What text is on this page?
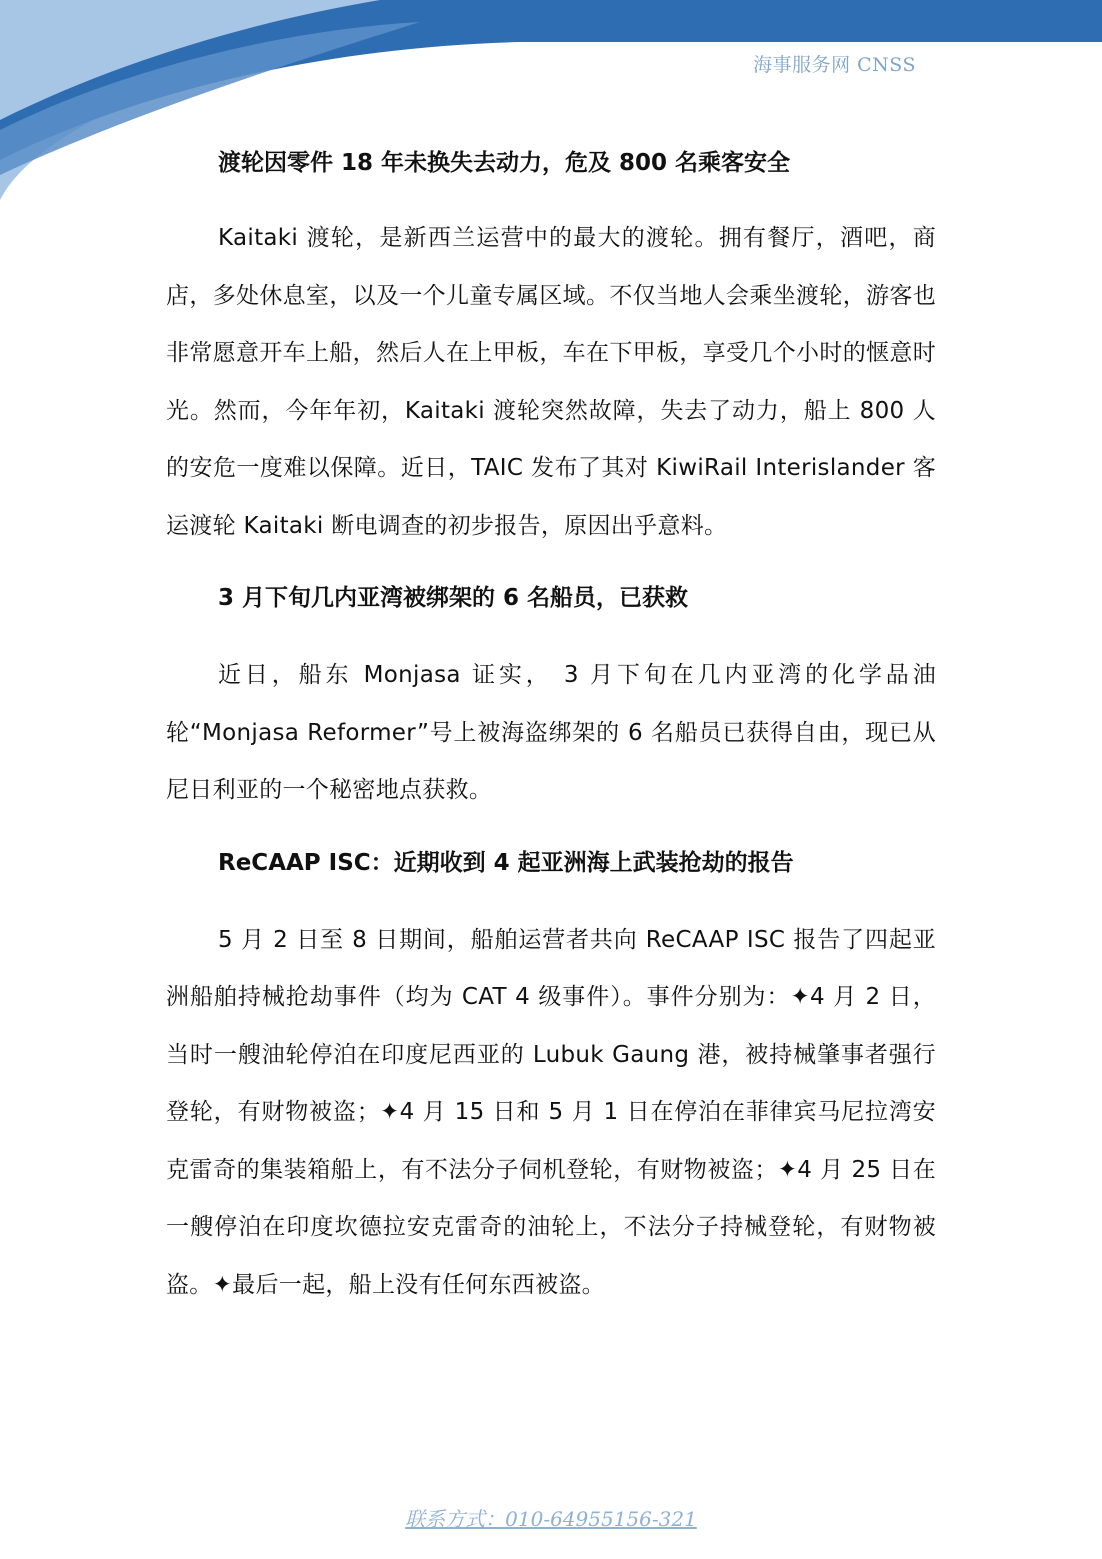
海事服务网 CNSS
渡轮因零件 18 年未换失去动力，危及 800 名乘客安全

Kaitaki 渡轮，是新西兰运营中的最大的渡轮。拥有餐厅，酒吧，商店，多处休息室，以及一个儿童专属区域。不仅当地人会乘坐渡轮，游客也非常愿意开车上船，然后人在上甲板，车在下甲板，享受几个小时的惬意时光。然而，今年年初，Kaitaki 渡轮突然故障，失去了动力，船上 800 人的安危一度难以保障。近日，TAIC 发布了其对 KiwiRail Interislander 客运渡轮 Kaitaki 断电调查的初步报告，原因出乎意料。

3 月下旬几内亚湾被绑架的 6 名船员，已获救

近日，船东 Monjasa 证实， 3 月下旬在几内亚湾的化学品油轮“Monjasa Reformer”号上被海盗绑架的 6 名船员已获得自由，现已从尼日利亚的一个秘密地点获救。

ReCAAP ISC：近期收到 4 起亚洲海上武装抢劫的报告

5 月 2 日至 8 日期间，船舶运营者共向 ReCAAP ISC 报告了四起亚洲船舶持械抢劫事件（均为 CAT 4 级事件）。事件分别为：✦4 月 2 日，当时一艘油轮停泊在印度尼西亚的 Lubuk Gaung 港，被持械肇事者强行登轮，有财物被盗；✦4 月 15 日和 5 月 1 日在停泊在菲律宾马尼拉湾安克雷奇的集装箱船上，有不法分子伺机登轮，有财物被盗；✦4 月 25 日在一艘停泊在印度坎德拉安克雷奇的油轮上，不法分子持械登轮，有财物被盗。✦最后一起，船上没有任何东西被盗。

联系方式：010-64955156-321
